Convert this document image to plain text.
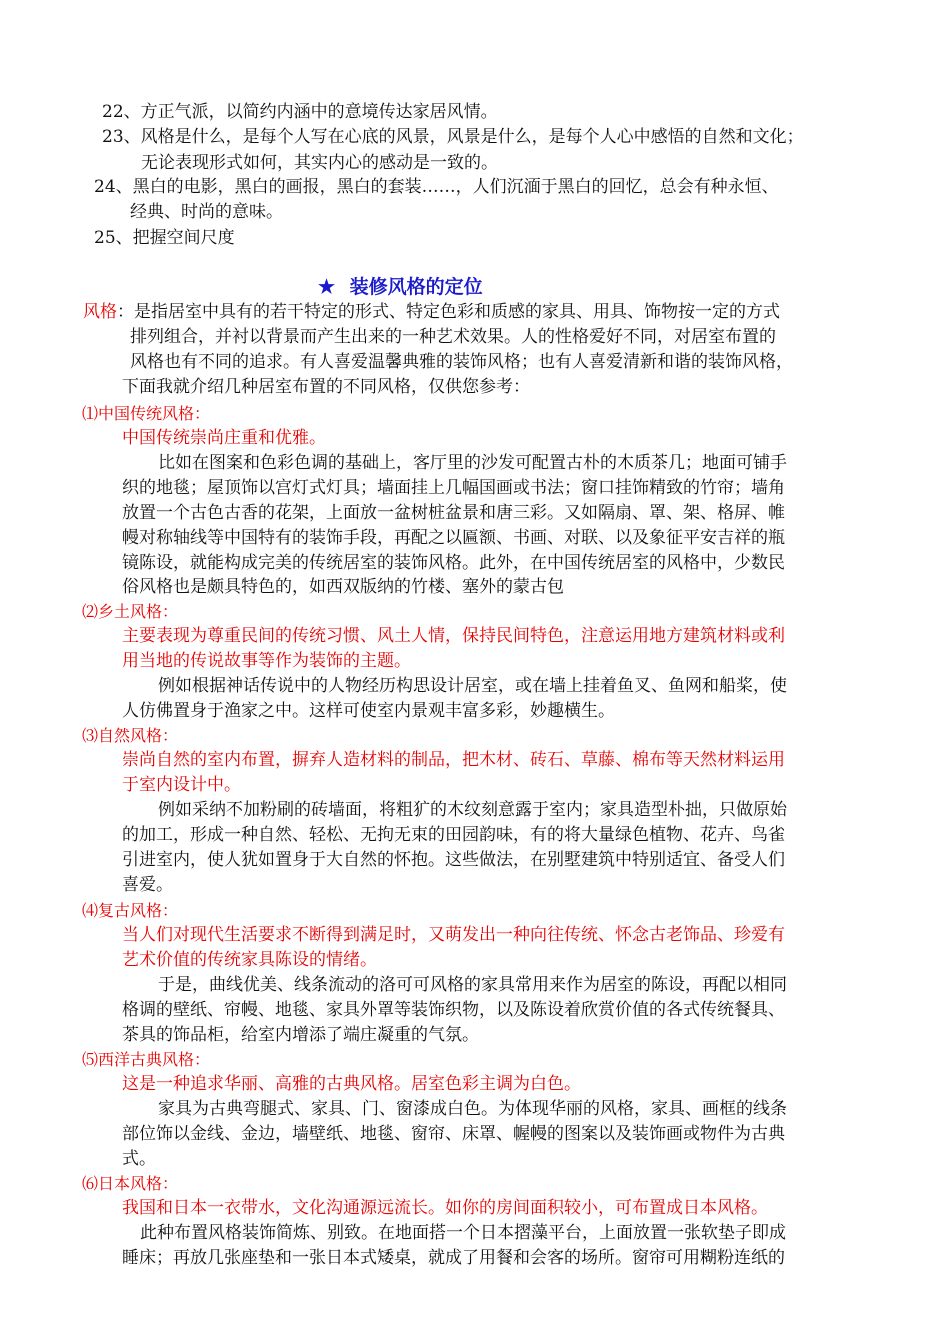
22、方正气派，以简约内涵中的意境传达家居风情。
23、风格是什么，是每个人写在心底的风景，风景是什么，是每个人心中感悟的自然和文化；
无论表现形式如何，其实内心的感动是一致的。
24、黑白的电影，黑白的画报，黑白的套装……，人们沉湎于黑白的回忆，总会有种永恒、
经典、时尚的意味。
25、把握空间尺度
★ 装修风格的定位
风格：是指居室中具有的若干特定的形式、特定色彩和质感的家具、用具、饰物按一定的方式
排列组合，并衬以背景而产生出来的一种艺术效果。人的性格爱好不同，对居室布置的
风格也有不同的追求。有人喜爱温馨典雅的装饰风格；也有人喜爱清新和谐的装饰风格，
下面我就介绍几种居室布置的不同风格，仅供您参考：
⑴中国传统风格：
中国传统崇尚庄重和优雅。
比如在图案和色彩色调的基础上，客厅里的沙发可配置古朴的木质茶几；地面可铺手
织的地毯；屋顶饰以宫灯式灯具；墙面挂上几幅国画或书法；窗口挂饰精致的竹帘；墙角
放置一个古色古香的花架，上面放一盆树桩盆景和唐三彩。又如隔扇、罩、架、格屏、帷
幔对称轴线等中国特有的装饰手段，再配之以匾额、书画、对联、以及象征平安吉祥的瓶
镜陈设，就能构成完美的传统居室的装饰风格。此外，在中国传统居室的风格中，少数民
俗风格也是颇具特色的，如西双版纳的竹楼、塞外的蒙古包
⑵乡土风格：
主要表现为尊重民间的传统习惯、风土人情，保持民间特色，注意运用地方建筑材料或利
用当地的传说故事等作为装饰的主题。
例如根据神话传说中的人物经历构思设计居室，或在墙上挂着鱼叉、鱼网和船桨，使
人仿佛置身于渔家之中。这样可使室内景观丰富多彩，妙趣横生。
⑶自然风格：
崇尚自然的室内布置，摒弃人造材料的制品，把木材、砖石、草藤、棉布等天然材料运用
于室内设计中。
例如采纳不加粉刷的砖墙面，将粗犷的木纹刻意露于室内；家具造型朴拙，只做原始
的加工，形成一种自然、轻松、无拘无束的田园韵味，有的将大量绿色植物、花卉、鸟雀
引进室内，使人犹如置身于大自然的怀抱。这些做法，在别墅建筑中特别适宜、备受人们
喜爱。
⑷复古风格：
当人们对现代生活要求不断得到满足时，又萌发出一种向往传统、怀念古老饰品、珍爱有
艺术价值的传统家具陈设的情绪。
于是，曲线优美、线条流动的洛可可风格的家具常用来作为居室的陈设，再配以相同
格调的壁纸、帘幔、地毯、家具外罩等装饰织物，以及陈设着欣赏价值的各式传统餐具、
茶具的饰品柜，给室内增添了端庄凝重的气氛。
⑸西洋古典风格：
这是一种追求华丽、高雅的古典风格。居室色彩主调为白色。
家具为古典弯腿式、家具、门、窗漆成白色。为体现华丽的风格，家具、画框的线条
部位饰以金线、金边，墙壁纸、地毯、窗帘、床罩、幄幔的图案以及装饰画或物件为古典
式。
⑹日本风格：
我国和日本一衣带水，文化沟通源远流长。如你的房间面积较小，可布置成日本风格。
此种布置风格装饰简炼、别致。在地面搭一个日本摺藻平台，上面放置一张软垫子即成
睡床；再放几张座垫和一张日本式矮桌，就成了用餐和会客的场所。窗帘可用糊粉连纸的
